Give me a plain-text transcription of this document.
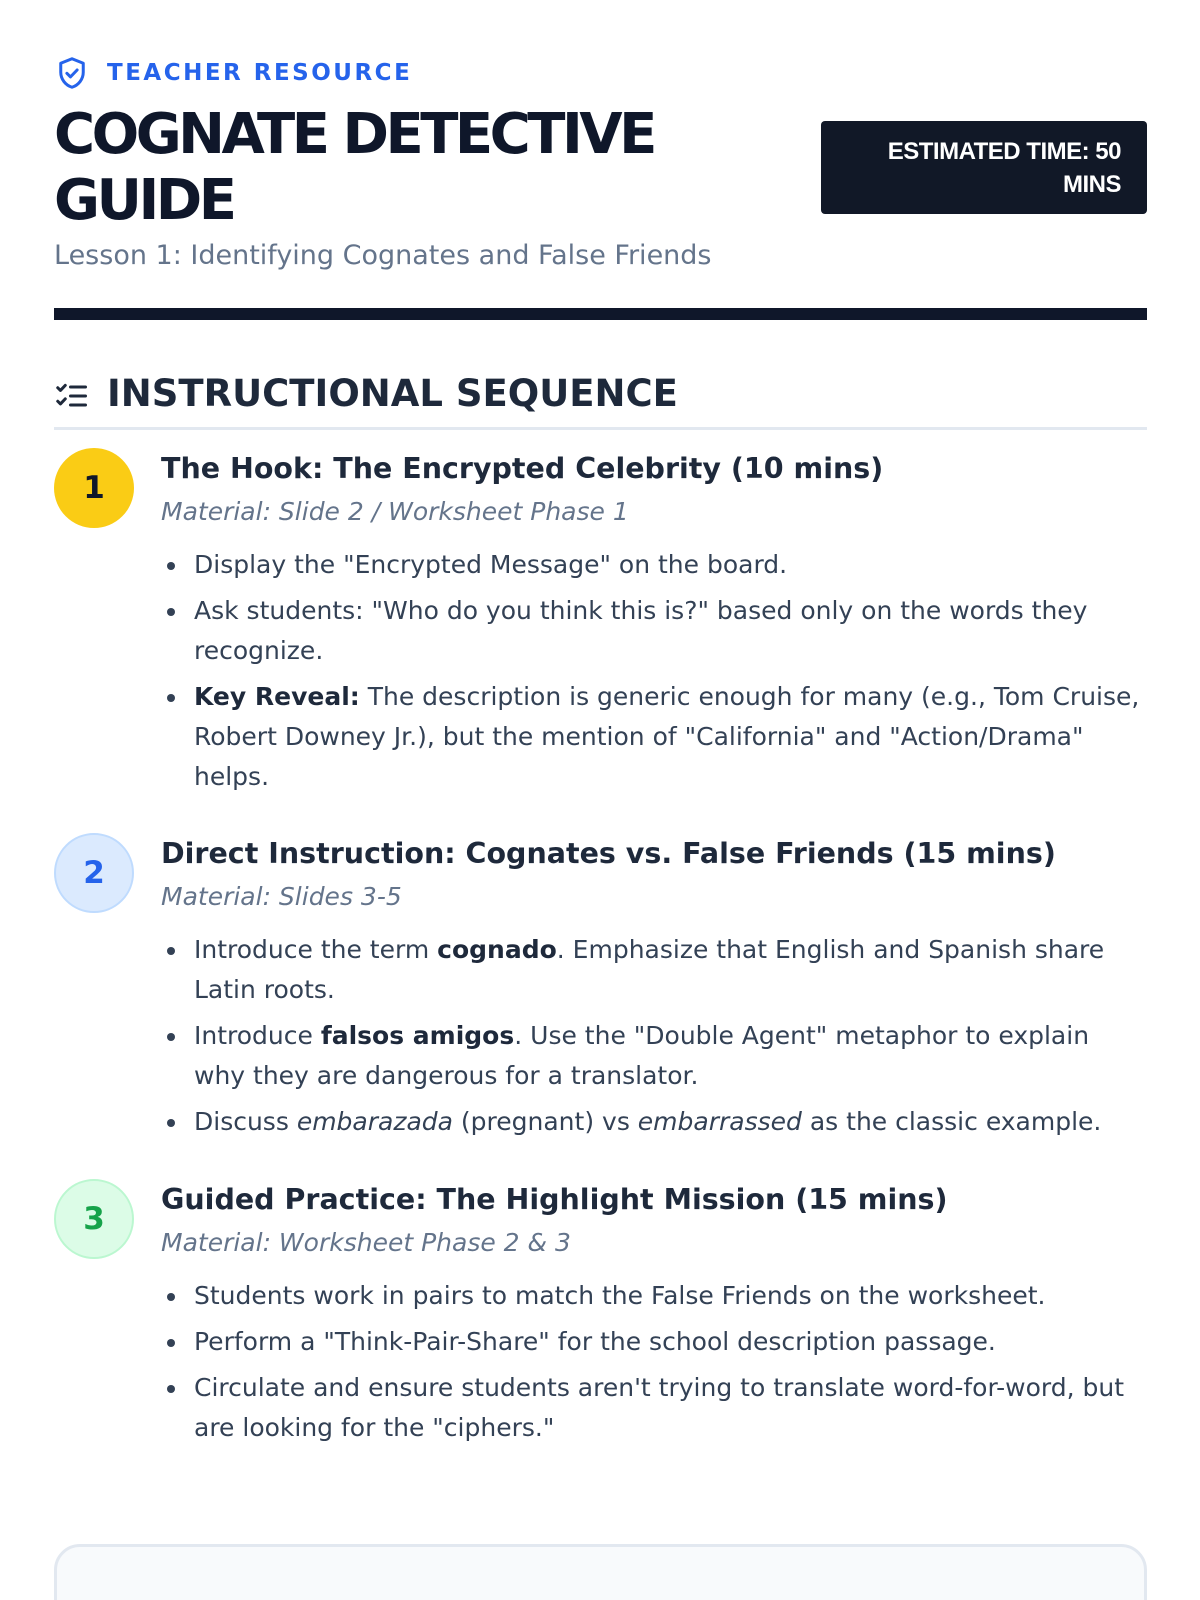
TEACHER RESOURCE
COGNATE DETECTIVE GUIDE
Lesson 1: Identifying Cognates and False Friends
ESTIMATED TIME: 50 MINS
INSTRUCTIONAL SEQUENCE
1
The Hook: The Encrypted Celebrity (10 mins)
Material: Slide 2 / Worksheet Phase 1
Display the "Encrypted Message" on the board.
Ask students: "Who do you think this is?" based only on the words they recognize.
Key Reveal: The description is generic enough for many (e.g., Tom Cruise, Robert Downey Jr.), but the mention of "California" and "Action/Drama" helps.
2
Direct Instruction: Cognates vs. False Friends (15 mins)
Material: Slides 3-5
Introduce the term cognado. Emphasize that English and Spanish share Latin roots.
Introduce falsos amigos. Use the "Double Agent" metaphor to explain why they are dangerous for a translator.
Discuss embarazada (pregnant) vs embarrassed as the classic example.
3
Guided Practice: The Highlight Mission (15 mins)
Material: Worksheet Phase 2 & 3
Students work in pairs to match the False Friends on the worksheet.
Perform a "Think-Pair-Share" for the school description passage.
Circulate and ensure students aren't trying to translate word-for-word, but are looking for the "ciphers."
